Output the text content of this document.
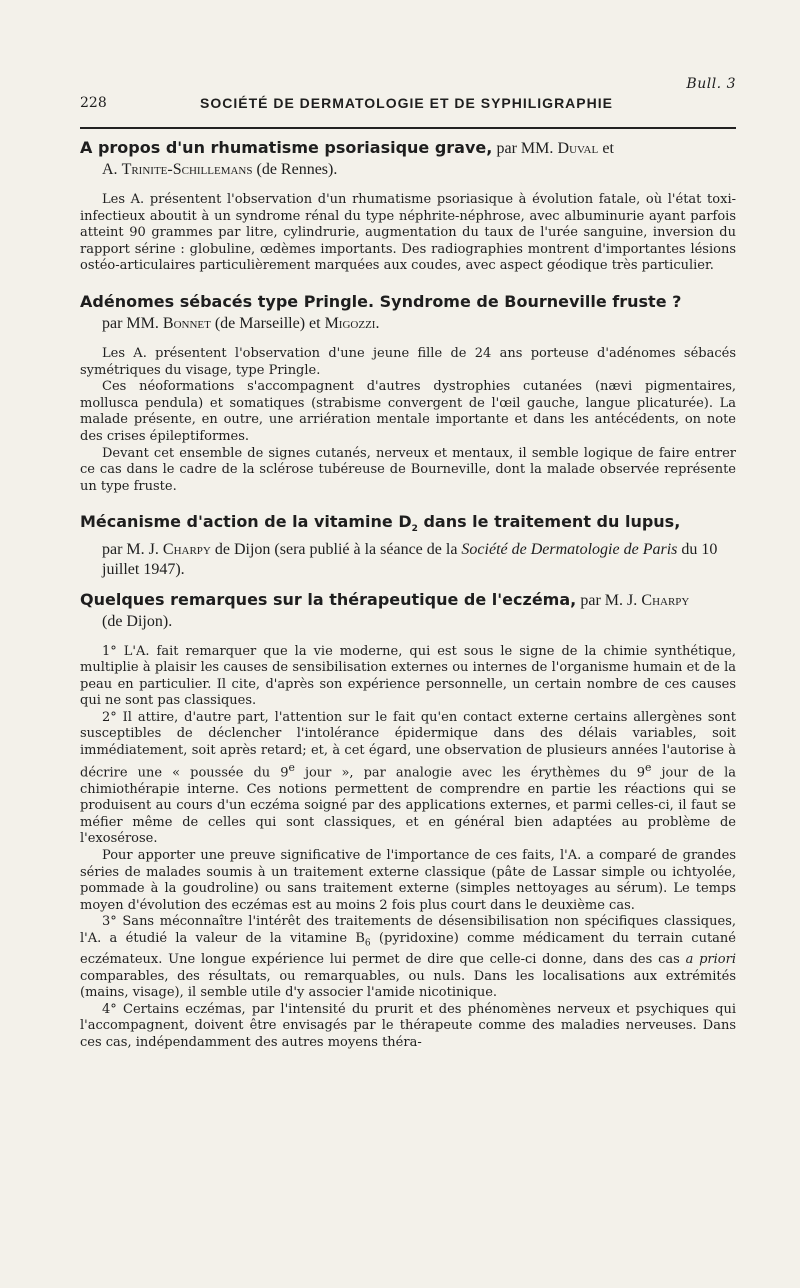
Bull. 3
228	SOCIÉTÉ DE DERMATOLOGIE ET DE SYPHILIGRAPHIE

A propos d'un rhumatisme psoriasique grave, par MM. Duval et
A. Trinite-Schillemans (de Rennes).

Les A. présentent l'observation d'un rhumatisme psoriasique à évolution fatale, où l'état toxi-infectieux aboutit à un syndrome rénal du type néphrite-néphrose, avec albuminurie ayant parfois atteint 90 grammes par litre, cylindrurie, augmentation du taux de l'urée sanguine, inversion du rapport sérine : globuline, œdèmes importants. Des radiographies montrent d'importantes lésions ostéo-articulaires particulièrement marquées aux coudes, avec aspect géodique très particulier.

Adénomes sébacés type Pringle. Syndrome de Bourneville fruste ?
par MM. Bonnet (de Marseille) et Migozzi.

Les A. présentent l'observation d'une jeune fille de 24 ans porteuse d'adénomes sébacés symétriques du visage, type Pringle.

Ces néoformations s'accompagnent d'autres dystrophies cutanées (nævi pigmentaires, mollusca pendula) et somatiques (strabisme convergent de l'œil gauche, langue plicaturée). La malade présente, en outre, une arriération mentale importante et dans les antécédents, on note des crises épileptiformes.

Devant cet ensemble de signes cutanés, nerveux et mentaux, il semble logique de faire entrer ce cas dans le cadre de la sclérose tubéreuse de Bourneville, dont la malade observée représente un type fruste.

Mécanisme d'action de la vitamine $D_2$ dans le traitement du lupus,
par M. J. Charpy de Dijon (sera publié à la séance de la Société de Dermatologie de Paris du 10 juillet 1947).

Quelques remarques sur la thérapeutique de l'eczéma, par M. J. Charpy
(de Dijon).

1° L'A. fait remarquer que la vie moderne, qui est sous le signe de la chimie synthétique, multiplie à plaisir les causes de sensibilisation externes ou internes de l'organisme humain et de la peau en particulier. Il cite, d'après son expérience personnelle, un certain nombre de ces causes qui ne sont pas classiques.

2° Il attire, d'autre part, l'attention sur le fait qu'en contact externe certains allergènes sont susceptibles de déclencher l'intolérance épidermique dans des délais variables, soit immédiatement, soit après retard; et, à cet égard, une observation de plusieurs années l'autorise à décrire une « poussée du 9e jour », par analogie avec les érythèmes du 9e jour de la chimiothérapie interne. Ces notions permettent de comprendre en partie les réactions qui se produisent au cours d'un eczéma soigné par des applications externes, et parmi celles-ci, il faut se méfier même de celles qui sont classiques, et en général bien adaptées au problème de l'exosérose.

Pour apporter une preuve significative de l'importance de ces faits, l'A. a comparé de grandes séries de malades soumis à un traitement externe classique (pâte de Lassar simple ou ichtyolée, pommade à la goudroline) ou sans traitement externe (simples nettoyages au sérum). Le temps moyen d'évolution des eczémas est au moins 2 fois plus court dans le deuxième cas.

3° Sans méconnaître l'intérêt des traitements de désensibilisation non spécifiques classiques, l'A. a étudié la valeur de la vitamine $B_6$ (pyridoxine) comme médicament du terrain cutané eczémateux. Une longue expérience lui permet de dire que celle-ci donne, dans des cas a priori comparables, des résultats, ou remarquables, ou nuls. Dans les localisations aux extrémités (mains, visage), il semble utile d'y associer l'amide nicotinique.

4° Certains eczémas, par l'intensité du prurit et des phénomènes nerveux et psychiques qui l'accompagnent, doivent être envisagés par le thérapeute comme des maladies nerveuses. Dans ces cas, indépendamment des autres moyens théra-
